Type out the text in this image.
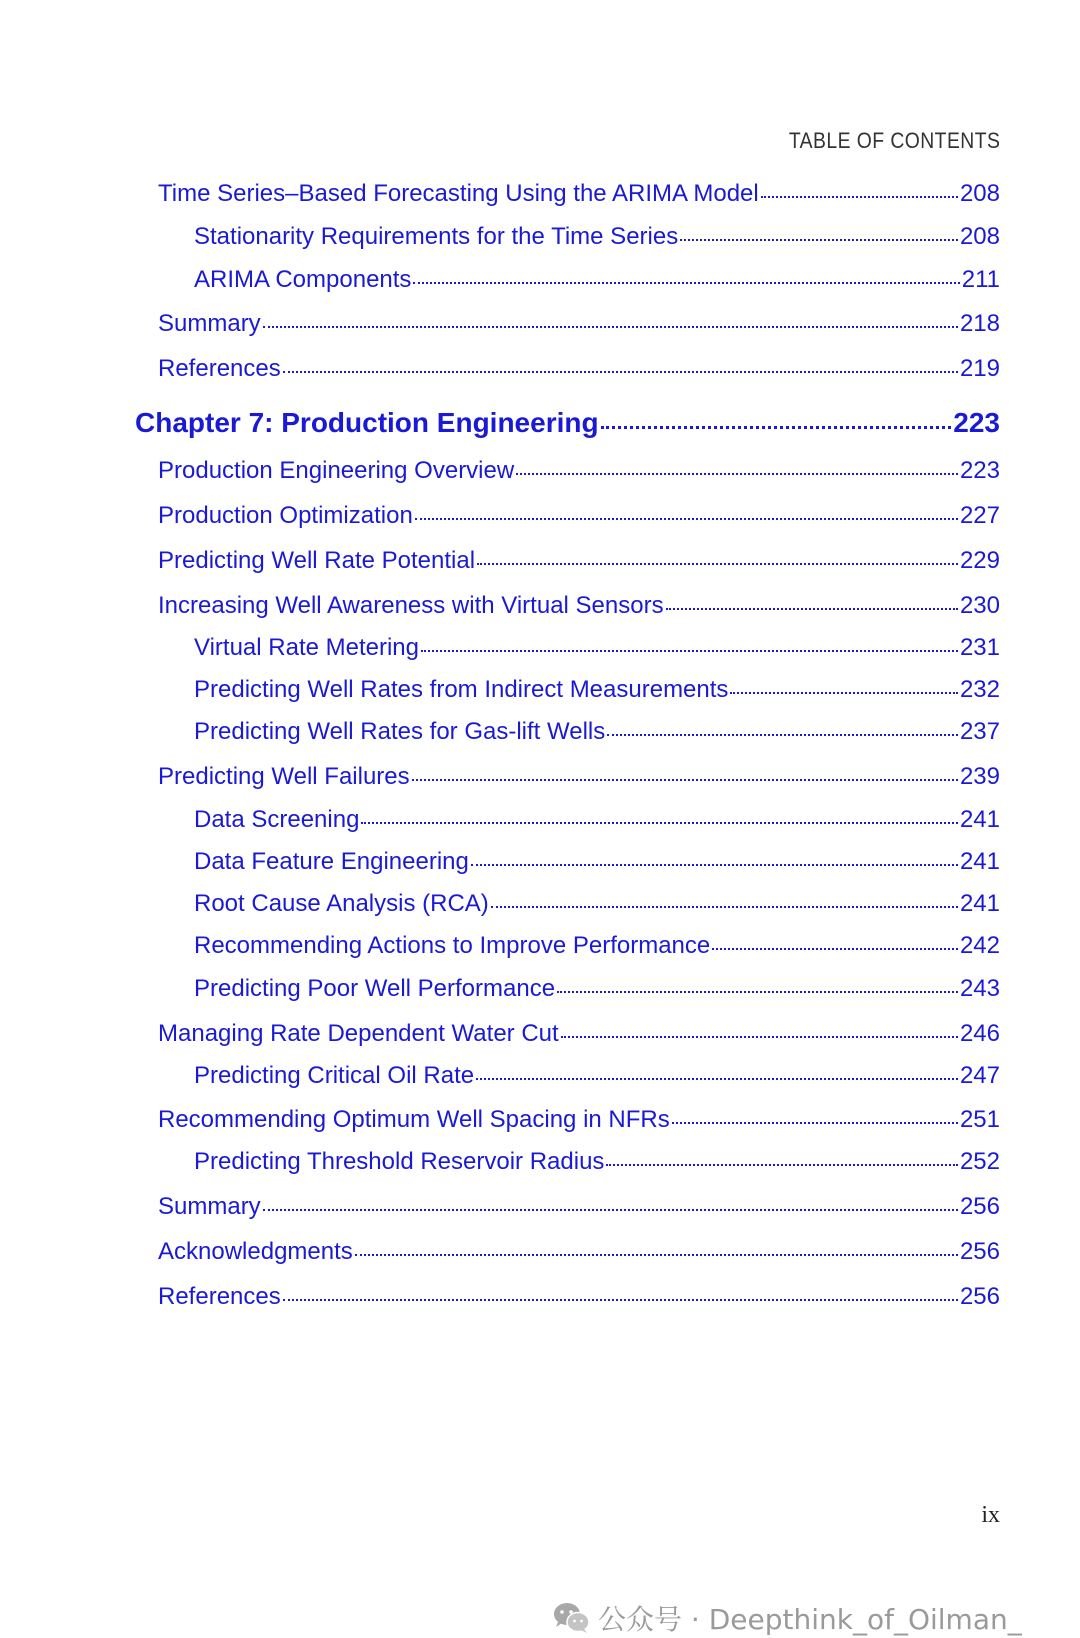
TABLE OF CONTENTS
Time Series–Based Forecasting Using the ARIMA Model	208
Stationarity Requirements for the Time Series	208
ARIMA Components	211
Summary	218
References	219
Chapter 7: Production Engineering	223
Production Engineering Overview	223
Production Optimization	227
Predicting Well Rate Potential	229
Increasing Well Awareness with Virtual Sensors	230
Virtual Rate Metering	231
Predicting Well Rates from Indirect Measurements	232
Predicting Well Rates for Gas-lift Wells	237
Predicting Well Failures	239
Data Screening	241
Data Feature Engineering	241
Root Cause Analysis (RCA)	241
Recommending Actions to Improve Performance	242
Predicting Poor Well Performance	243
Managing Rate Dependent Water Cut	246
Predicting Critical Oil Rate	247
Recommending Optimum Well Spacing in NFRs	251
Predicting Threshold Reservoir Radius	252
Summary	256
Acknowledgments	256
References	256
ix
公众号 · Deepthink_of_Oilman_
